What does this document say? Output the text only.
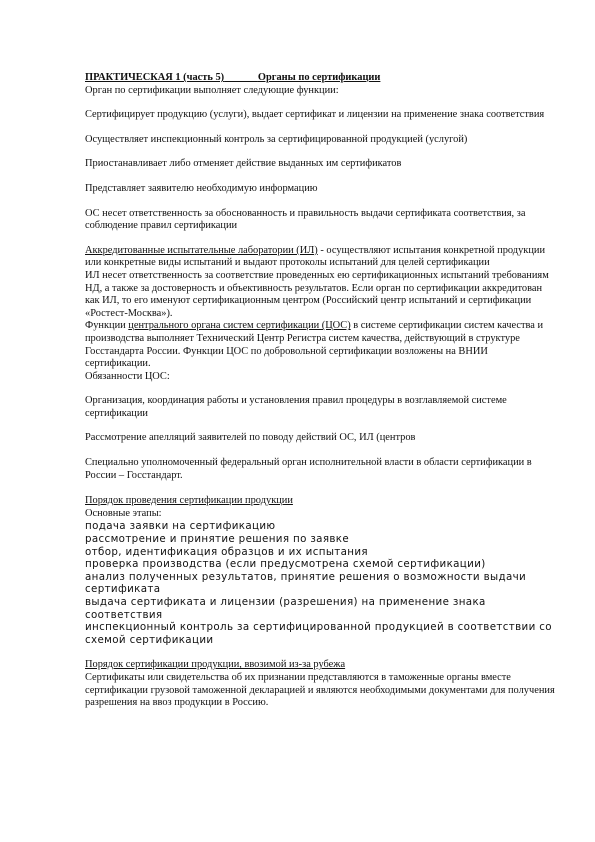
ПРАКТИЧЕСКАЯ 1 (часть 5)	Органы по сертификации

Орган по сертификации выполняет следующие функции:

Сертифицирует продукцию (услуги), выдает сертификат и лицензии на применение знака соответствия

Осуществляет инспекционный контроль за сертифицированной продукцией (услугой)

Приостанавливает либо отменяет действие выданных им сертификатов

Представляет заявителю необходимую информацию

ОС несет ответственность за обоснованность и правильность выдачи сертификата соответствия, за соблюдение правил сертификации

Аккредитованные испытательные лаборатории (ИЛ) - осуществляют испытания конкретной продукции или конкретные виды испытаний и выдают протоколы испытаний для целей сертификации

ИЛ несет ответственность за соответствие проведенных ею сертификационных испытаний требованиям НД, а также за достоверность и объективность результатов. Если орган по сертификации аккредитован как ИЛ, то его именуют сертификационным центром (Российский центр испытаний и сертификации «Ростест-Москва»).

Функции центрального органа систем сертификации (ЦОС) в системе сертификации систем качества и производства выполняет Технический Центр Регистра систем качества, действующий в структуре Госстандарта России. Функции ЦОС по добровольной сертификации возложены на ВНИИ сертификации.

Обязанности ЦОС:

Организация, координация работы и установления правил процедуры в возглавляемой системе сертификации

Рассмотрение апелляций заявителей по поводу действий ОС, ИЛ (центров

Специально уполномоченный федеральный орган исполнительной власти в области сертификации в России – Госстандарт.

Порядок проведения сертификации продукции

Основные этапы:

подача заявки на сертификацию

рассмотрение и принятие решения по заявке

отбор, идентификация образцов и их испытания

проверка производства (если предусмотрена схемой сертификации)

анализ полученных результатов, принятие решения о возможности выдачи сертификата

выдача сертификата и лицензии (разрешения) на применение знака соответствия

инспекционный контроль за сертифицированной продукцией в соответствии со схемой сертификации

Порядок сертификации продукции, ввозимой из-за рубежа

Сертификаты или свидетельства об их признании представляются в таможенные органы вместе сертификации грузовой таможенной декларацией и являются необходимыми документами для получения разрешения на ввоз продукции в Россию.
